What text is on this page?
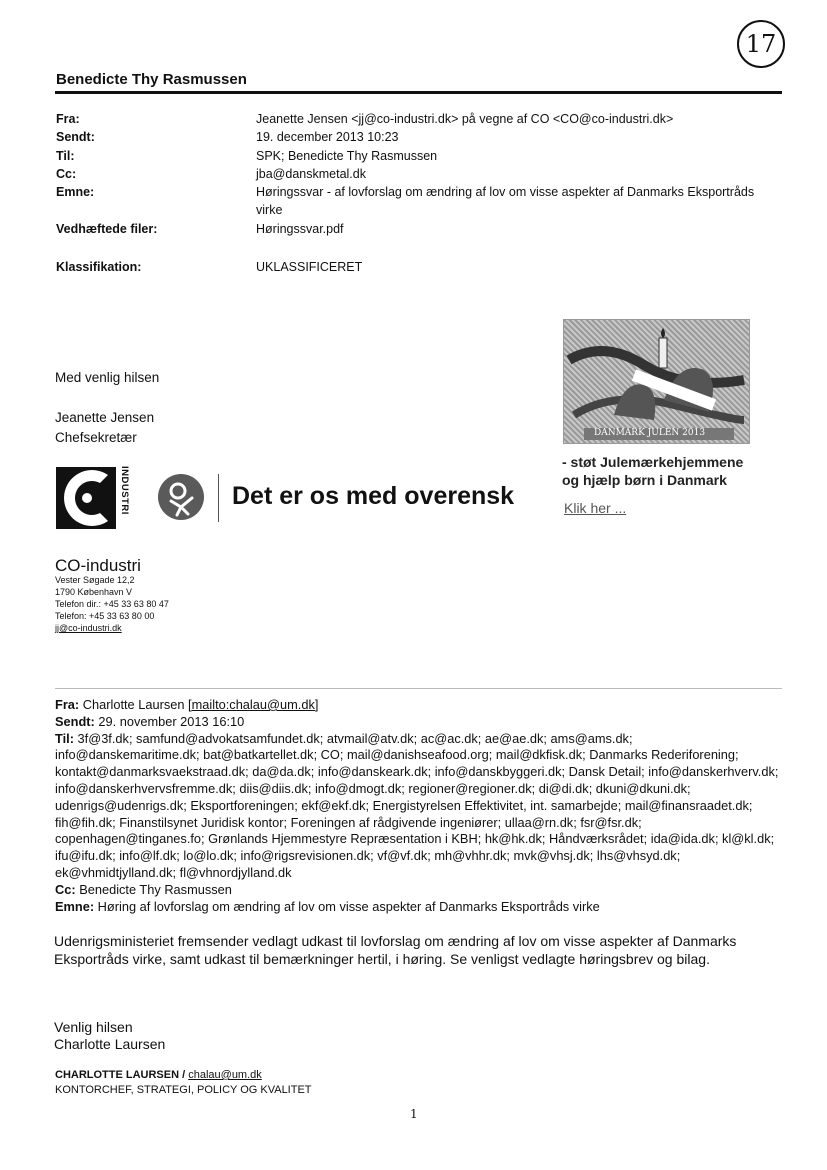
17
Benedicte Thy Rasmussen
Fra:	Jeanette Jensen <jj@co-industri.dk> på vegne af CO <CO@co-industri.dk>
Sendt:	19. december 2013 10:23
Til:	SPK; Benedicte Thy Rasmussen
Cc:	jba@danskmetal.dk
Emne:	Høringssvar - af lovforslag om ændring af lov om visse aspekter af Danmarks Eksportråds virke
Vedhæftede filer:	Høringssvar.pdf
Klassifikation:	UKLASSIFICERET
Med venlig hilsen
Jeanette Jensen
Chefsekretær
INDUSTRI	Det er os med overensk
CO-industri
Vester Søgade 12,2
1790 København V
Telefon dir.: +45 33 63 80 47
Telefon: +45 33 63 80 00
jj@co-industri.dk
DANMARK JULEN 2013
- støt Julemærkehjemmene
og hjælp børn i Danmark
Klik her ...
Fra: Charlotte Laursen [mailto:chalau@um.dk]
Sendt: 29. november 2013 16:10
Til: 3f@3f.dk; samfund@advokatsamfundet.dk; atvmail@atv.dk; ac@ac.dk; ae@ae.dk; ams@ams.dk; info@danskemaritime.dk; bat@batkartellet.dk; CO; mail@danishseafood.org; mail@dkfisk.dk; Danmarks Rederiforening; kontakt@danmarksvaekstraad.dk; da@da.dk; info@danskeark.dk; info@danskbyggeri.dk; Dansk Detail; info@danskerhverv.dk; info@danskerhvervsfremme.dk; diis@diis.dk; info@dmogt.dk; regioner@regioner.dk; di@di.dk; dkuni@dkuni.dk; udenrigs@udenrigs.dk; Eksportforeningen; ekf@ekf.dk; Energistyrelsen Effektivitet, int. samarbejde; mail@finansraadet.dk; fih@fih.dk; Finanstilsynet Juridisk kontor; Foreningen af rådgivende ingeniører; ullaa@rn.dk; fsr@fsr.dk; copenhagen@tinganes.fo; Grønlands Hjemmestyre Repræsentation i KBH; hk@hk.dk; Håndværksrådet; ida@ida.dk; kl@kl.dk; ifu@ifu.dk; info@lf.dk; lo@lo.dk; info@rigsrevisionen.dk; vf@vf.dk; mh@vhhr.dk; mvk@vhsj.dk; lhs@vhsyd.dk; ek@vhmidtjylland.dk; fl@vhnordjylland.dk
Cc: Benedicte Thy Rasmussen
Emne: Høring af lovforslag om ændring af lov om visse aspekter af Danmarks Eksportråds virke
Udenrigsministeriet fremsender vedlagt udkast til lovforslag om ændring af lov om visse aspekter af Danmarks Eksportråds virke, samt udkast til bemærkninger hertil, i høring. Se venligst vedlagte høringsbrev og bilag.
Venlig hilsen
Charlotte Laursen
CHARLOTTE LAURSEN / chalau@um.dk
KONTORCHEF, STRATEGI, POLICY OG KVALITET
1
